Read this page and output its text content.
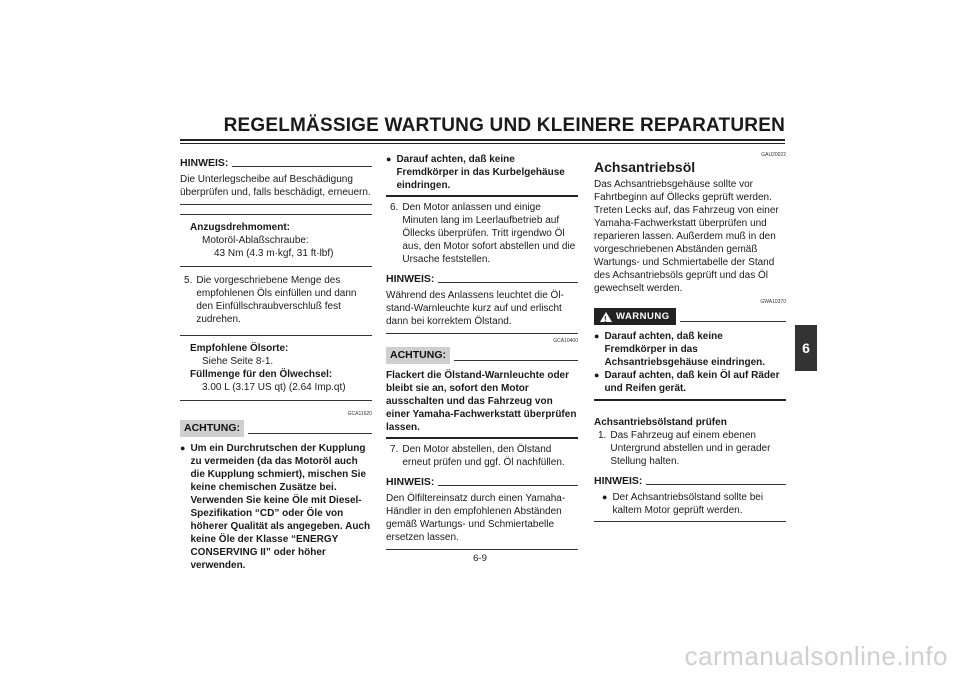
REGELMÄSSIGE WARTUNG UND KLEINERE REPARATUREN
6
HINWEIS:

Die Unterlegscheibe auf Beschädigung überprüfen und, falls beschädigt, erneuern.

Anzugsdrehmoment:

Motoröl-Ablaßschraube:

43 Nm (4.3 m·kgf, 31 ft·lbf)

5. Die vorgeschriebene Menge des empfohlenen Öls einfüllen und dann den Einfüllschraubverschluß fest zudrehen.

Empfohlene Ölsorte:

Siehe Seite 8-1.

Füllmenge für den Ölwechsel:

3.00 L (3.17 US qt) (2.64 Imp.qt)

GCA11620
ACHTUNG:
● Um ein Durchrutschen der Kupplung zu vermeiden (da das Motoröl auch die Kupplung schmiert), mischen Sie keine chemischen Zusätze bei. Verwenden Sie keine Öle mit Diesel-Spezifikation “CD” oder Öle von höherer Qualität als angegeben. Auch keine Öle der Klasse “ENERGY CONSERVING II” oder höher verwenden.
● Darauf achten, daß keine Fremdkörper in das Kurbelgehäuse eindringen.
6. Den Motor anlassen und einige Minuten lang im Leerlaufbetrieb auf Öllecks überprüfen. Tritt irgendwo Öl aus, den Motor sofort abstellen und die Ursache feststellen.
HINWEIS:

Während des Anlassens leuchtet die Öl-stand-Warnleuchte kurz auf und erlischt dann bei korrektem Ölstand.

GCA10400
ACHTUNG:

Flackert die Ölstand-Warnleuchte oder bleibt sie an, sofort den Motor ausschalten und das Fahrzeug von einer Yamaha-Fachwerkstatt überprüfen lassen.

7. Den Motor abstellen, den Ölstand erneut prüfen und ggf. Öl nachfüllen.
HINWEIS:

Den Ölfiltereinsatz durch einen Yamaha-Händler in den empfohlenen Abständen gemäß Wartungs- und Schmiertabelle ersetzen lassen.

GAU20022
Achsantriebsöl

Das Achsantriebsgehäuse sollte vor Fahrtbeginn auf Öllecks geprüft werden. Treten Lecks auf, das Fahrzeug von einer Yamaha-Fachwerkstatt überprüfen und reparieren lassen. Außerdem muß in den vorgeschriebenen Abständen gemäß Wartungs- und Schmiertabelle der Stand des Achsantriebsöls geprüft und das Öl gewechselt werden.

GWA10370
! WARNUNG
● Darauf achten, daß keine Fremdkörper in das Achsantriebsgehäuse eindringen.
● Darauf achten, daß kein Öl auf Räder und Reifen gerät.

Achsantriebsölstand prüfen

1. Das Fahrzeug auf einem ebenen Untergrund abstellen und in gerader Stellung halten.
HINWEIS:
● Der Achsantriebsölstand sollte bei kaltem Motor geprüft werden.
6-9
carmanualsonline.info
